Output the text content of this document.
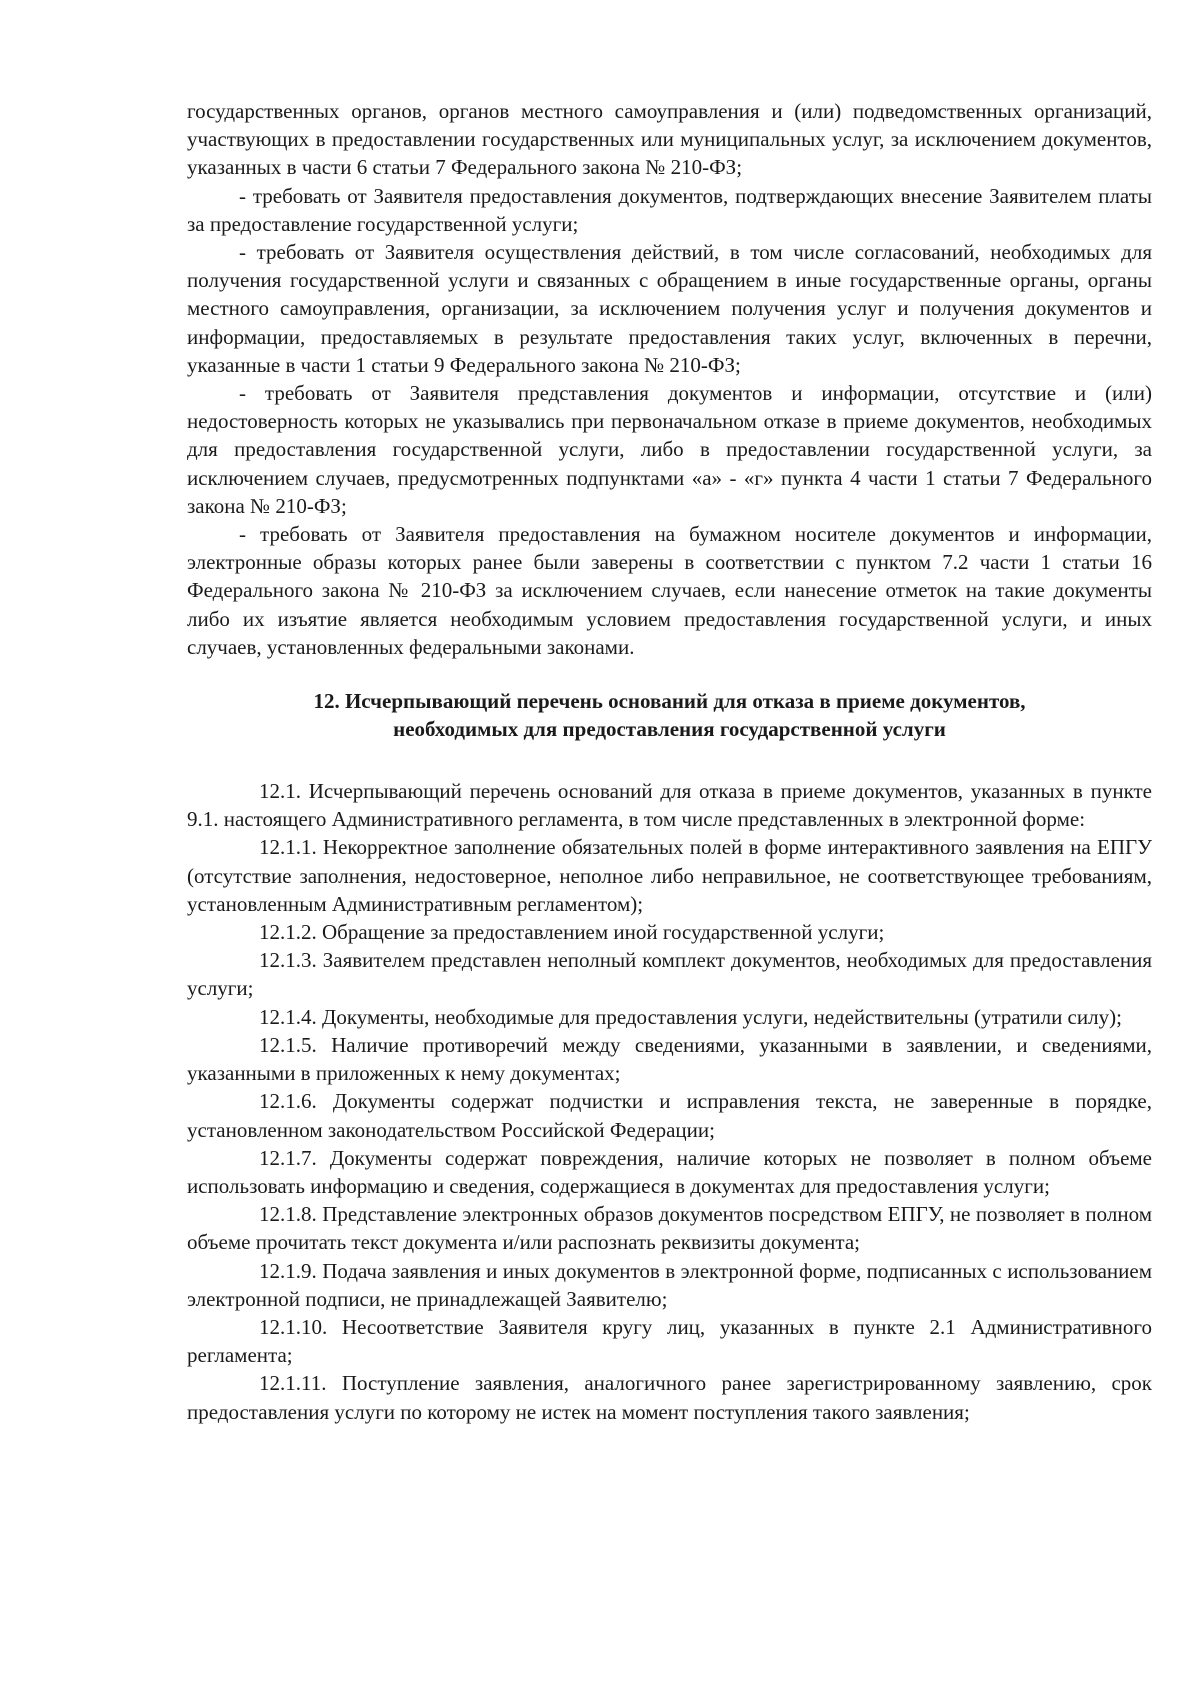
государственных органов, органов местного самоуправления и (или) подведомственных организаций, участвующих в предоставлении государственных или муниципальных услуг, за исключением документов, указанных в части 6 статьи 7 Федерального закона № 210-ФЗ;

- требовать от Заявителя предоставления документов, подтверждающих внесение Заявителем платы за предоставление государственной услуги;

- требовать от Заявителя осуществления действий, в том числе согласований, необходимых для получения государственной услуги и связанных с обращением в иные государственные органы, органы местного самоуправления, организации, за исключением получения услуг и получения документов и информации, предоставляемых в результате предоставления таких услуг, включенных в перечни, указанные в части 1 статьи 9 Федерального закона № 210-ФЗ;

- требовать от Заявителя представления документов и информации, отсутствие и (или) недостоверность которых не указывались при первоначальном отказе в приеме документов, необходимых для предоставления государственной услуги, либо в предоставлении государственной услуги, за исключением случаев, предусмотренных подпунктами «а» - «г» пункта 4 части 1 статьи 7 Федерального закона № 210-ФЗ;

- требовать от Заявителя предоставления на бумажном носителе документов и информации, электронные образы которых ранее были заверены в соответствии с пунктом 7.2 части 1 статьи 16 Федерального закона № 210-ФЗ за исключением случаев, если нанесение отметок на такие документы либо их изъятие является необходимым условием предоставления государственной услуги, и иных случаев, установленных федеральными законами.

12. Исчерпывающий перечень оснований для отказа в приеме документов,
необходимых для предоставления государственной услуги

12.1. Исчерпывающий перечень оснований для отказа в приеме документов, указанных в пункте 9.1. настоящего Административного регламента, в том числе представленных в электронной форме:

12.1.1. Некорректное заполнение обязательных полей в форме интерактивного заявления на ЕПГУ (отсутствие заполнения, недостоверное, неполное либо неправильное, не соответствующее требованиям, установленным Административным регламентом);

12.1.2. Обращение за предоставлением иной государственной услуги;

12.1.3. Заявителем представлен неполный комплект документов, необходимых для предоставления услуги;

12.1.4. Документы, необходимые для предоставления услуги, недействительны (утратили силу);

12.1.5. Наличие противоречий между сведениями, указанными в заявлении, и сведениями, указанными в приложенных к нему документах;

12.1.6. Документы содержат подчистки и исправления текста, не заверенные в порядке, установленном законодательством Российской Федерации;

12.1.7. Документы содержат повреждения, наличие которых не позволяет в полном объеме использовать информацию и сведения, содержащиеся в документах для предоставления услуги;

12.1.8. Представление электронных образов документов посредством ЕПГУ, не позволяет в полном объеме прочитать текст документа и/или распознать реквизиты документа;

12.1.9. Подача заявления и иных документов в электронной форме, подписанных с использованием электронной подписи, не принадлежащей Заявителю;

12.1.10. Несоответствие Заявителя кругу лиц, указанных в пункте 2.1 Административного регламента;

12.1.11. Поступление заявления, аналогичного ранее зарегистрированному заявлению, срок предоставления услуги по которому не истек на момент поступления такого заявления;
